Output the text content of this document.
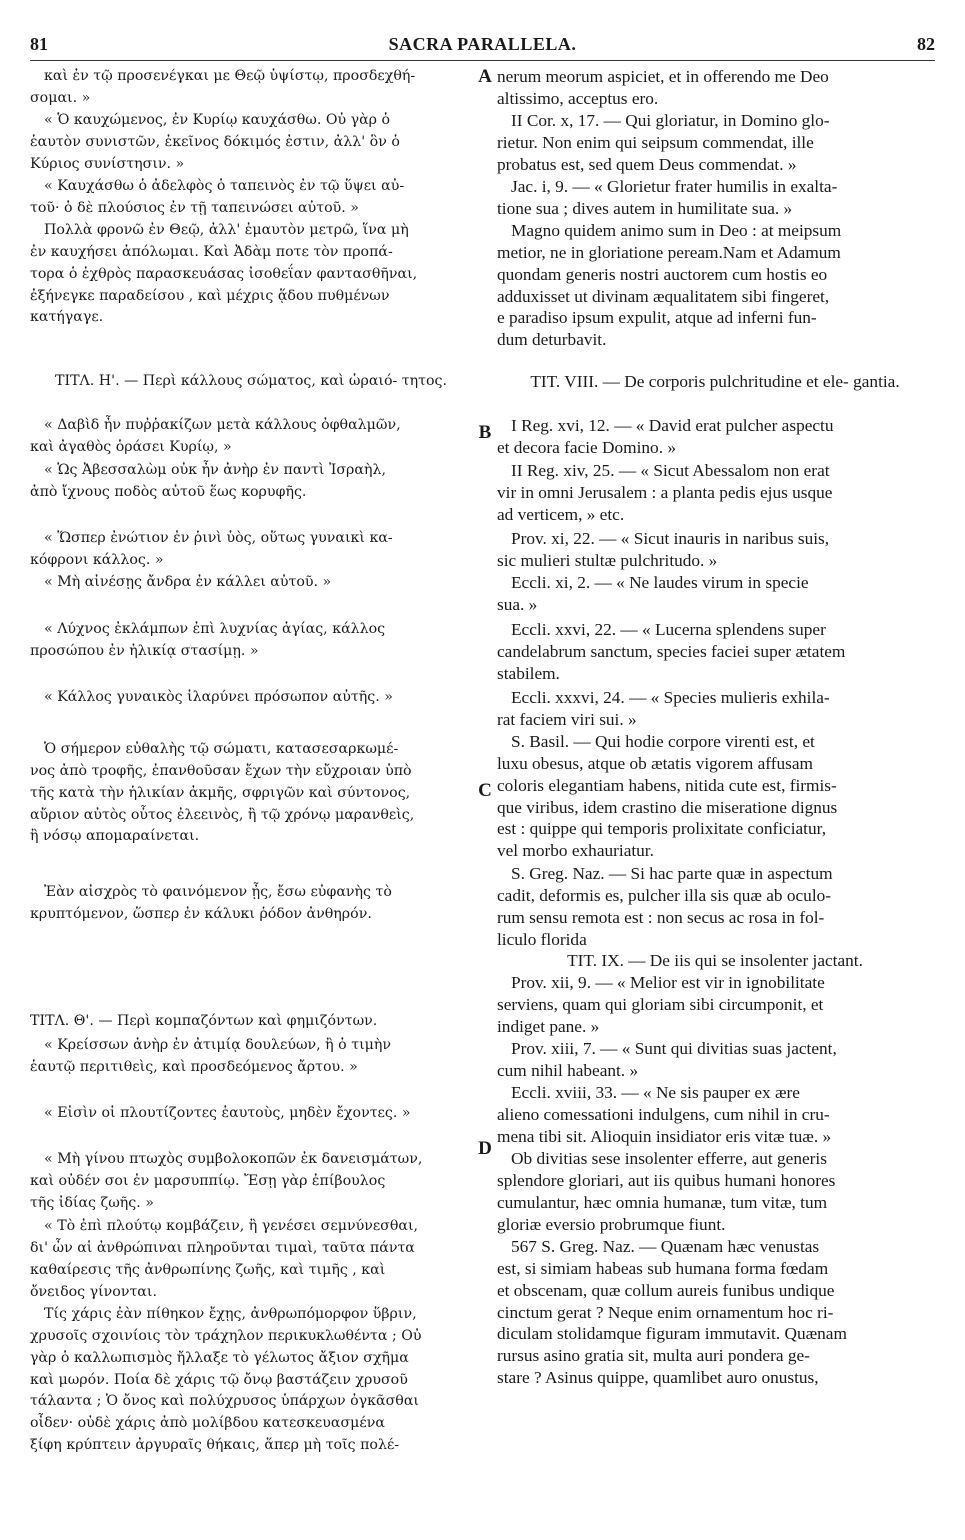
81	SACRA PARALLELA.	82

καὶ ἐν τῷ προσενέγκαι με Θεῷ ὑψίστῳ, προσδεχθή-
σομαι. »

« Ὁ καυχώμενος, ἐν Κυρίῳ καυχάσθω. Οὐ γὰρ ὁ
ἑαυτὸν συνιστῶν, ἐκεῖνος δόκιμός ἐστιν, ἀλλ' ὃν ὁ
Κύριος συνίστησιν. »

« Καυχάσθω ὁ ἀδελφὸς ὁ ταπεινὸς ἐν τῷ ὕψει αὐ-
τοῦ· ὁ δὲ πλούσιος ἐν τῇ ταπεινώσει αὐτοῦ. »

Πολλὰ φρονῶ ἐν Θεῷ, ἀλλ' ἐμαυτὸν μετρῶ, ἵνα μὴ
ἐν καυχήσει ἀπόλωμαι. Καὶ Ἀδὰμ ποτε τὸν προπά-
τορα ὁ ἐχθρὸς παρασκευάσας ἰσοθεΐαν φαντασθῆναι,
ἐξήνεγκε παραδείσου , καὶ μέχρις ᾅδου πυθμένων
κατήγαγε.

ΤΙΤΛ. Η'. — Περὶ κάλλους σώματος, καὶ ὡραιό- τητος.

« Δαβὶδ ἦν πυῤῥακίζων μετὰ κάλλους ὀφθαλμῶν,
καὶ ἀγαθὸς ὁράσει Κυρίῳ, »

« Ὡς Ἀβεσσαλὼμ οὐκ ἦν ἀνὴρ ἐν παντὶ Ἰσραὴλ,
ἀπὸ ἴχνους ποδὸς αὐτοῦ ἕως κορυφῆς.

« Ὥσπερ ἐνώτιον ἐν ῥινὶ ὑὸς, οὕτως γυναικὶ κα-
κόφρονι κάλλος. »

« Μὴ αἰνέσῃς ἄνδρα ἐν κάλλει αὐτοῦ. »

« Λύχνος ἐκλάμπων ἐπὶ λυχνίας ἁγίας, κάλλος
προσώπου ἐν ἡλικίᾳ στασίμῃ. »

« Κάλλος γυναικὸς ἱλαρύνει πρόσωπον αὐτῆς. »

Ὁ σήμερον εὐθαλὴς τῷ σώματι, κατασεσαρκωμέ-
νος ἀπὸ τροφῆς, ἐπανθοῦσαν ἔχων τὴν εὔχροιαν ὑπὸ
τῆς κατὰ τὴν ἡλικίαν ἀκμῆς, σφριγῶν καὶ σύντονος,
αὔριον αὐτὸς οὗτος ἐλεεινὸς, ἢ τῷ χρόνῳ μαρανθεὶς,
ἢ νόσῳ απομαραίνεται.

Ἐὰν αἰσχρὸς τὸ φαινόμενον ᾖς, ἔσω εὐφανὴς τὸ
κρυπτόμενον, ὥσπερ ἐν κάλυκι ῥόδον ἀνθηρόν.

ΤΙΤΛ. Θ'. — Περὶ κομπαζόντων καὶ φημιζόντων.

« Κρείσσων ἀνὴρ ἐν ἀτιμίᾳ δουλεύων, ἢ ὁ τιμὴν
ἑαυτῷ περιτιθεὶς, καὶ προσδεόμενος ἄρτου. »

« Εἰσὶν οἱ πλουτίζοντες ἑαυτοὺς, μηδὲν ἔχοντες. »

« Μὴ γίνου πτωχὸς συμβολοκοπῶν ἐκ δανεισμάτων,
καὶ οὐδέν σοι ἐν μαρσυππίῳ. Ἔσῃ γὰρ ἐπίβουλος
τῆς ἰδίας ζωῆς. »

« Τὸ ἐπὶ πλούτῳ κομβάζειν, ἢ γενέσει σεμνύνεσθαι,
δι' ὧν αἱ ἀνθρώπιναι πληροῦνται τιμαὶ, ταῦτα πάντα
καθαίρεσις τῆς ἀνθρωπίνης ζωῆς, καὶ τιμῆς , καὶ
ὄνειδος γίνονται.

Τίς χάρις ἐὰν πίθηκον ἔχῃς, ἀνθρωπόμορφον ὕβριν,
χρυσοῖς σχοινίοις τὸν τράχηλον περικυκλωθέντα ; Οὐ
γὰρ ὁ καλλωπισμὸς ἤλλαξε τὸ γέλωτος ἄξιον σχῆμα
καὶ μωρόν. Ποία δὲ χάρις τῷ ὄνῳ βαστάζειν χρυσοῦ
τάλαντα ; Ὁ ὄνος καὶ πολύχρυσος ὑπάρχων ὀγκᾶσθαι
οἶδεν· οὐδὲ χάρις ἀπὸ μολίβδου κατεσκευασμένα
ξίφη κρύπτειν ἀργυραῖς θήκαις, ἅπερ μὴ τοῖς πολέ-

A
B
C
D

nerum meorum aspiciet, et in offerendo me Deo
altissimo, acceptus ero.

II Cor. x, 17. — Qui gloriatur, in Domino glo-
rietur. Non enim qui seipsum commendat, ille
probatus est, sed quem Deus commendat. »

Jac. i, 9. — « Glorietur frater humilis in exalta-
tione sua ; dives autem in humilitate sua. »

Magno quidem animo sum in Deo : at meipsum
metior, ne in gloriatione peream.Nam et Adamum
quondam generis nostri auctorem cum hostis eo
adduxisset ut divinam æqualitatem sibi fingeret,
e paradiso ipsum expulit, atque ad inferni fun-
dum deturbavit.

TIT. VIII. — De corporis pulchritudine et ele- gantia.

I Reg. xvi, 12. — « David erat pulcher aspectu
et decora facie Domino. »

II Reg. xiv, 25. — « Sicut Abessalom non erat
vir in omni Jerusalem : a planta pedis ejus usque
ad verticem, » etc.

Prov. xi, 22. — « Sicut inauris in naribus suis,
sic mulieri stultæ pulchritudo. »

Eccli. xi, 2. — « Ne laudes virum in specie
sua. »

Eccli. xxvi, 22. — « Lucerna splendens super
candelabrum sanctum, species faciei super ætatem
stabilem.

Eccli. xxxvi, 24. — « Species mulieris exhila-
rat faciem viri sui. »

S. Basil. — Qui hodie corpore virenti est, et
luxu obesus, atque ob ætatis vigorem affusam
coloris elegantiam habens, nitida cute est, firmis-
que viribus, idem crastino die miseratione dignus
est : quippe qui temporis prolixitate conficiatur,
vel morbo exhauriatur.

S. Greg. Naz. — Si hac parte quæ in aspectum
cadit, deformis es, pulcher illa sis quæ ab oculo-
rum sensu remota est : non secus ac rosa in fol-
liculo florida

TIT. IX. — De iis qui se insolenter jactant.

Prov. xii, 9. — « Melior est vir in ignobilitate
serviens, quam qui gloriam sibi circumponit, et
indiget pane. »

Prov. xiii, 7. — « Sunt qui divitias suas jactent,
cum nihil habeant. »

Eccli. xviii, 33. — « Ne sis pauper ex ære
alieno comessationi indulgens, cum nihil in cru-
mena tibi sit. Alioquin insidiator eris vitæ tuæ. »

Ob divitias sese insolenter efferre, aut generis
splendore gloriari, aut iis quibus humani honores
cumulantur, hæc omnia humanæ, tum vitæ, tum
gloriæ eversio probrumque fiunt.

567 S. Greg. Naz. — Quænam hæc venustas
est, si simiam habeas sub humana forma fœdam
et obscenam, quæ collum aureis funibus undique
cinctum gerat ? Neque enim ornamentum hoc ri-
diculam stolidamque figuram immutavit. Quænam
rursus asino gratia sit, multa auri pondera ge-
stare ? Asinus quippe, quamlibet auro onustus,
